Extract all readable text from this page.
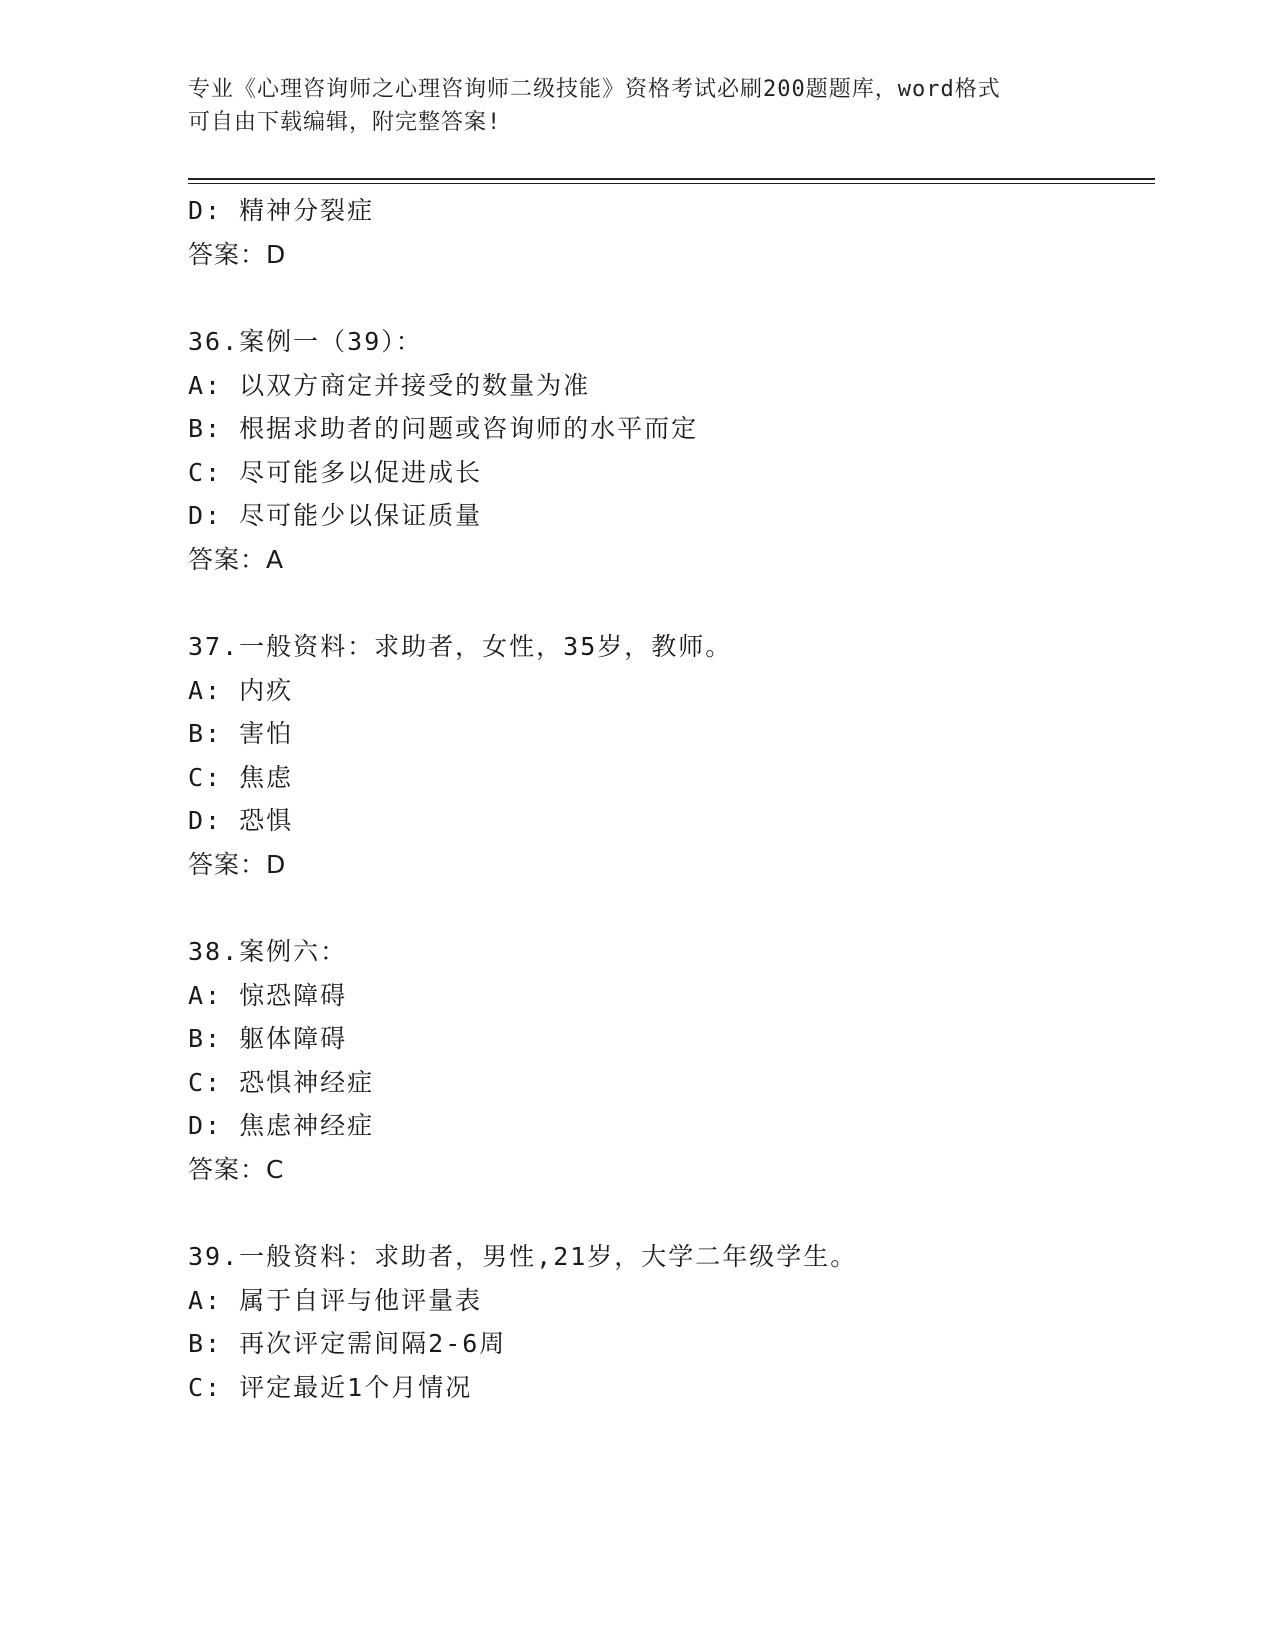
专业《心理咨询师之心理咨询师二级技能》资格考试必刷200题题库，word格式
可自由下载编辑，附完整答案!
D: 精神分裂症
答案：D
36.案例一（39）：
A: 以双方商定并接受的数量为准
B: 根据求助者的问题或咨询师的水平而定
C: 尽可能多以促进成长
D: 尽可能少以保证质量
答案：A
37.一般资料：求助者，女性，35岁，教师。
A: 内疚
B: 害怕
C: 焦虑
D: 恐惧
答案：D
38.案例六：
A: 惊恐障碍
B: 躯体障碍
C: 恐惧神经症
D: 焦虑神经症
答案：C
39.一般资料：求助者，男性,21岁，大学二年级学生。
A: 属于自评与他评量表
B: 再次评定需间隔2-6周
C: 评定最近1个月情况
